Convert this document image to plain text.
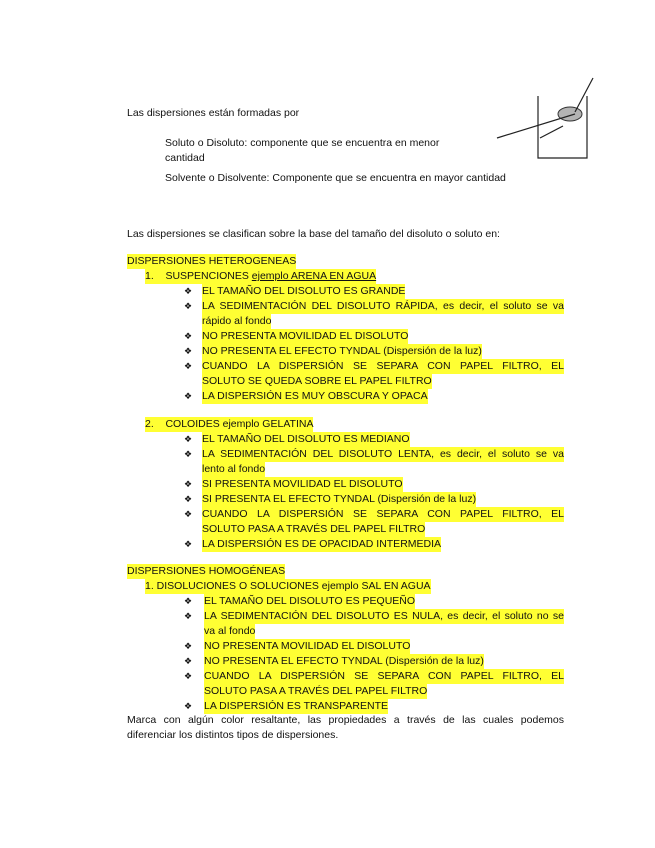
Las dispersiones están formadas por
Soluto o Disoluto: componente que se encuentra en menor
cantidad
Solvente o Disolvente: Componente que se encuentra en mayor cantidad
Las dispersiones se clasifican sobre la base del tamaño del disoluto o soluto en:
DISPERSIONES HETEROGENEAS
1. SUSPENCIONES ejemplo ARENA EN AGUA
❖ EL TAMAÑO DEL DISOLUTO ES GRANDE
❖ LA SEDIMENTACIÓN DEL DISOLUTO RÁPIDA, es decir, el soluto se va
rápido al fondo
❖ NO PRESENTA MOVILIDAD EL DISOLUTO
❖ NO PRESENTA EL EFECTO TYNDAL (Dispersión de la luz)
❖ CUANDO LA DISPERSIÓN SE SEPARA CON PAPEL FILTRO, EL
SOLUTO SE QUEDA SOBRE EL PAPEL FILTRO
❖ LA DISPERSIÓN ES MUY OBSCURA Y OPACA
2. COLOIDES ejemplo GELATINA
❖ EL TAMAÑO DEL DISOLUTO ES MEDIANO
❖ LA SEDIMENTACIÓN DEL DISOLUTO LENTA, es decir, el soluto se va
lento al fondo
❖ SI PRESENTA MOVILIDAD EL DISOLUTO
❖ SI PRESENTA EL EFECTO TYNDAL (Dispersión de la luz)
❖ CUANDO LA DISPERSIÓN SE SEPARA CON PAPEL FILTRO, EL
SOLUTO PASA A TRAVÉS DEL PAPEL FILTRO
❖ LA DISPERSIÓN ES DE OPACIDAD INTERMEDIA
DISPERSIONES HOMOGÉNEAS
1. DISOLUCIONES O SOLUCIONES ejemplo SAL EN AGUA
❖ EL TAMAÑO DEL DISOLUTO ES PEQUEÑO
❖ LA SEDIMENTACIÓN DEL DISOLUTO ES NULA, es decir, el soluto no se
va al fondo
❖ NO PRESENTA MOVILIDAD EL DISOLUTO
❖ NO PRESENTA EL EFECTO TYNDAL (Dispersión de la luz)
❖ CUANDO LA DISPERSIÓN SE SEPARA CON PAPEL FILTRO, EL
SOLUTO PASA A TRAVÉS DEL PAPEL FILTRO
❖ LA DISPERSIÓN ES TRANSPARENTE
Marca con algún color resaltante, las propiedades a través de las cuales podemos
diferenciar los distintos tipos de dispersiones.
